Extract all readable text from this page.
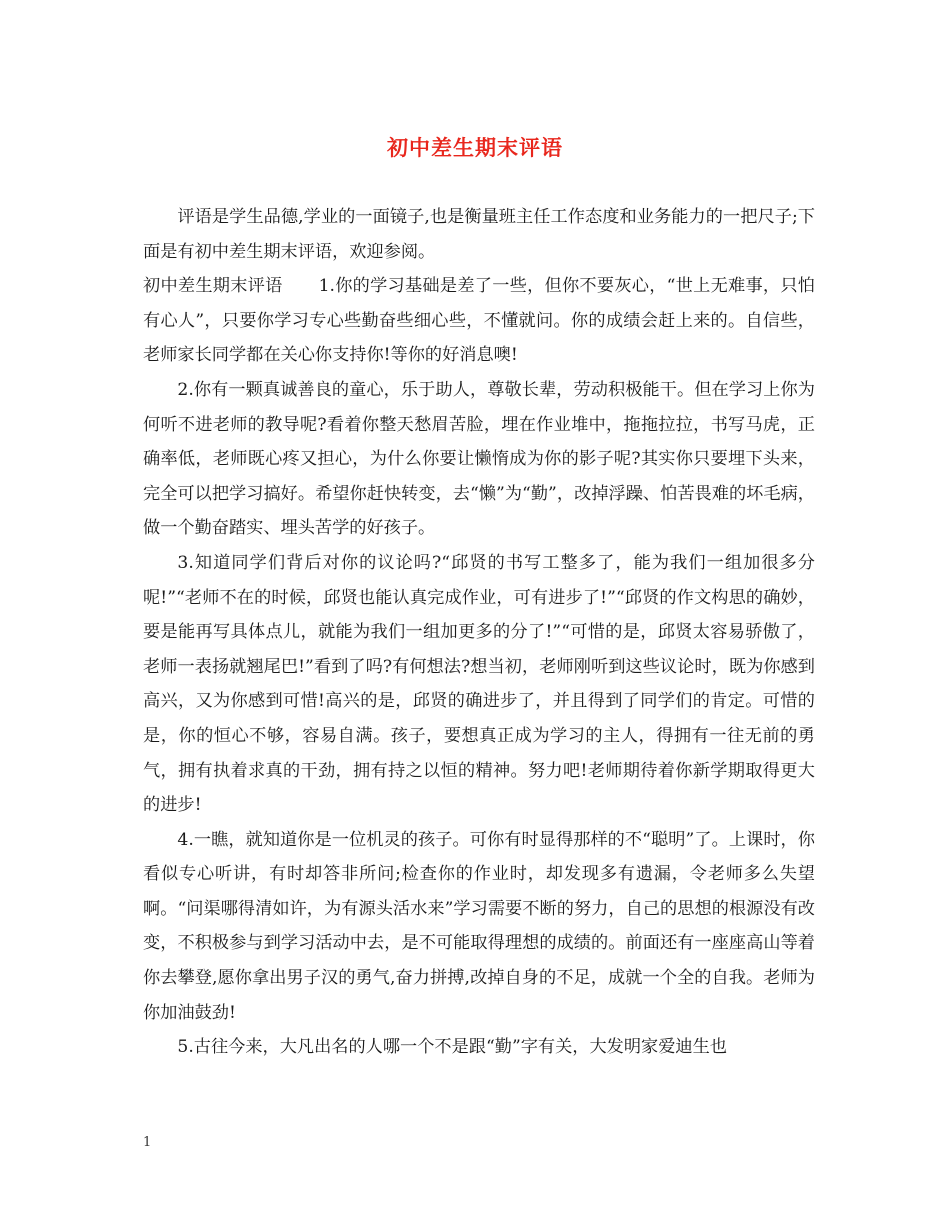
初中差生期末评语

评语是学生品德,学业的一面镜子,也是衡量班主任工作态度和业务能力的一把尺子;下面是有初中差生期末评语，欢迎参阅。

初中差生期末评语 1.你的学习基础是差了一些，但你不要灰心，“世上无难事，只怕有心人”，只要你学习专心些勤奋些细心些，不懂就问。你的成绩会赶上来的。自信些，老师家长同学都在关心你支持你!等你的好消息噢!

2.你有一颗真诚善良的童心，乐于助人，尊敬长辈，劳动积极能干。但在学习上你为何听不进老师的教导呢?看着你整天愁眉苦脸，埋在作业堆中，拖拖拉拉，书写马虎，正确率低，老师既心疼又担心，为什么你要让懒惰成为你的影子呢?其实你只要埋下头来，完全可以把学习搞好。希望你赶快转变，去“懒”为“勤”，改掉浮躁、怕苦畏难的坏毛病，做一个勤奋踏实、埋头苦学的好孩子。

3.知道同学们背后对你的议论吗?“邱贤的书写工整多了，能为我们一组加很多分呢!”“老师不在的时候，邱贤也能认真完成作业，可有进步了!”“邱贤的作文构思的确妙，要是能再写具体点儿，就能为我们一组加更多的分了!”“可惜的是，邱贤太容易骄傲了，老师一表扬就翘尾巴!”看到了吗?有何想法?想当初，老师刚听到这些议论时，既为你感到高兴，又为你感到可惜!高兴的是，邱贤的确进步了，并且得到了同学们的肯定。可惜的是，你的恒心不够，容易自满。孩子，要想真正成为学习的主人，得拥有一往无前的勇气，拥有执着求真的干劲，拥有持之以恒的精神。努力吧!老师期待着你新学期取得更大的进步!

4.一瞧，就知道你是一位机灵的孩子。可你有时显得那样的不“聪明”了。上课时，你看似专心听讲，有时却答非所问;检查你的作业时，却发现多有遗漏，令老师多么失望啊。“问渠哪得清如许，为有源头活水来”学习需要不断的努力，自己的思想的根源没有改变，不积极参与到学习活动中去，是不可能取得理想的成绩的。前面还有一座座高山等着你去攀登,愿你拿出男子汉的勇气,奋力拼搏,改掉自身的不足，成就一个全的自我。老师为你加油鼓劲!

5.古往今来，大凡出名的人哪一个不是跟“勤”字有关，大发明家爱迪生也

1
